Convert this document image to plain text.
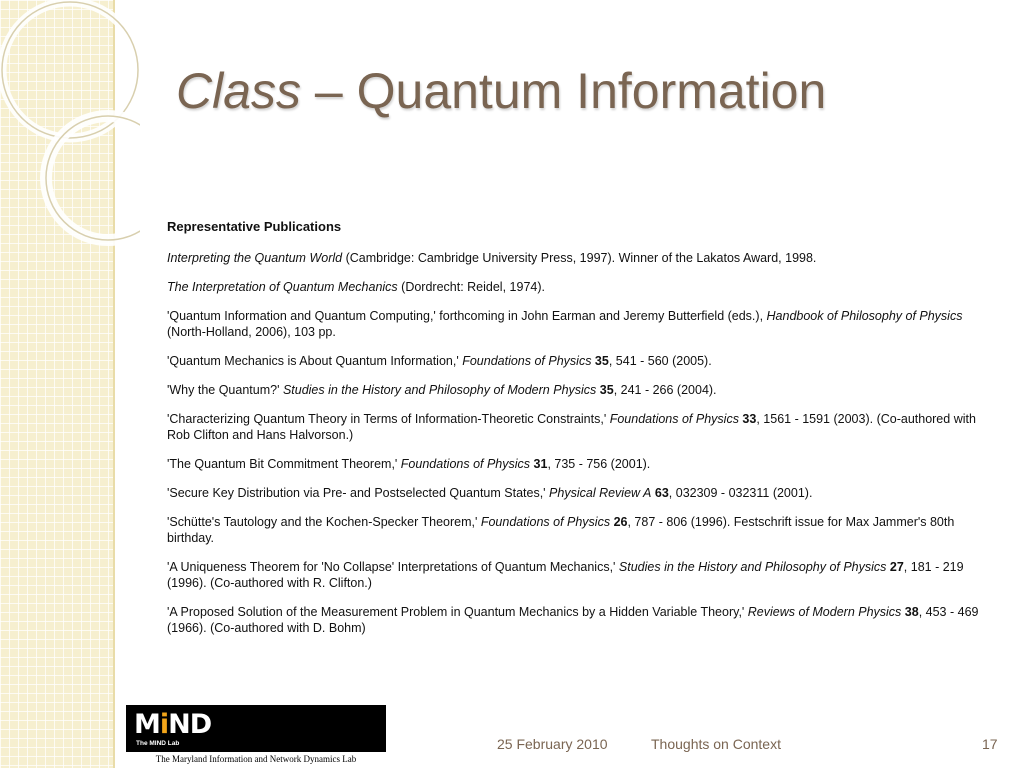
Class – Quantum Information
Representative Publications
Interpreting the Quantum World (Cambridge: Cambridge University Press, 1997). Winner of the Lakatos Award, 1998.
The Interpretation of Quantum Mechanics (Dordrecht: Reidel, 1974).
'Quantum Information and Quantum Computing,' forthcoming in John Earman and Jeremy Butterfield (eds.), Handbook of Philosophy of Physics (North-Holland, 2006), 103 pp.
'Quantum Mechanics is About Quantum Information,' Foundations of Physics 35, 541 - 560 (2005).
'Why the Quantum?' Studies in the History and Philosophy of Modern Physics 35, 241 - 266 (2004).
'Characterizing Quantum Theory in Terms of Information-Theoretic Constraints,' Foundations of Physics 33, 1561 - 1591 (2003). (Co-authored with Rob Clifton and Hans Halvorson.)
'The Quantum Bit Commitment Theorem,' Foundations of Physics 31, 735 - 756 (2001).
'Secure Key Distribution via Pre- and Postselected Quantum States,' Physical Review A 63, 032309 - 032311 (2001).
'Schütte's Tautology and the Kochen-Specker Theorem,' Foundations of Physics 26, 787 - 806 (1996). Festschrift issue for Max Jammer's 80th birthday.
'A Uniqueness Theorem for 'No Collapse' Interpretations of Quantum Mechanics,' Studies in the History and Philosophy of Physics 27, 181 - 219 (1996). (Co-authored with R. Clifton.)
'A Proposed Solution of the Measurement Problem in Quantum Mechanics by a Hidden Variable Theory,' Reviews of Modern Physics 38, 453 - 469 (1966). (Co-authored with D. Bohm)
MiND
The MIND Lab
The Maryland Information and Network Dynamics Lab
25 February 2010	Thoughts on Context	17
